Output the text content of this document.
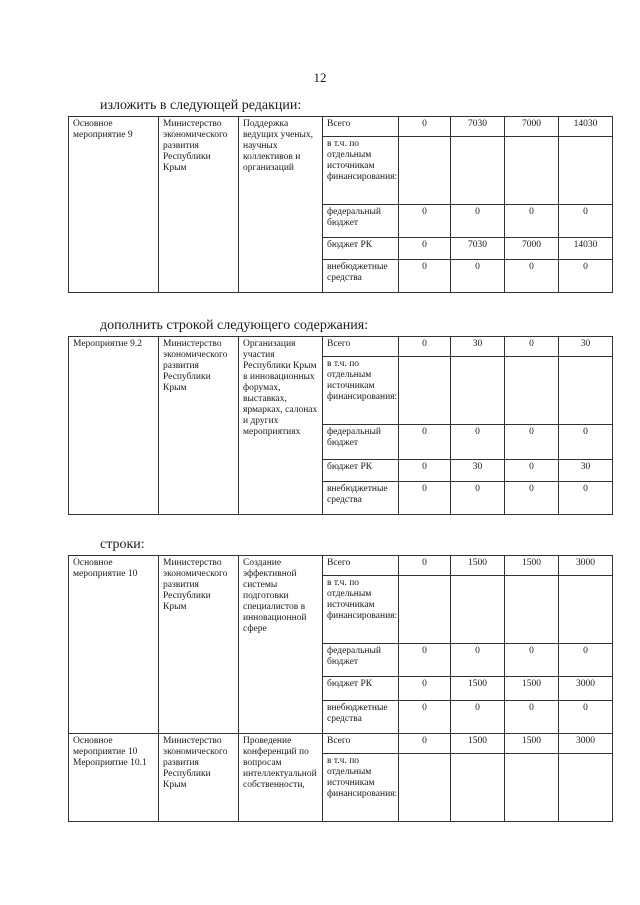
12
изложить в следующей редакции:
Основное мероприятие 9	Министерство экономического развития Республики Крым	Поддержка ведущих ученых, научных коллективов и организаций	Всего	0	7030	7000	14030
			в т.ч. по отдельным источникам финансирования:				
			федеральный бюджет	0	0	0	0
			бюджет РК	0	7030	7000	14030
			внебюджетные средства	0	0	0	0
дополнить строкой следующего содержания:
Мероприятие 9.2	Министерство экономического развития Республики Крым	Организация участия Республики Крым в инновационных форумах, выставках, ярмарках, салонах и других мероприятиях	Всего	0	30	0	30
			в т.ч. по отдельным источникам финансирования:				
			федеральный бюджет	0	0	0	0
			бюджет РК	0	30	0	30
			внебюджетные средства	0	0	0	0
строки:
Основное мероприятие 10	Министерство экономического развития Республики Крым	Создание эффективной системы подготовки специалистов в инновационной сфере	Всего	0	1500	1500	3000
			в т.ч. по отдельным источникам финансирования:				
			федеральный бюджет	0	0	0	0
			бюджет РК	0	1500	1500	3000
			внебюджетные средства	0	0	0	0
Основное мероприятие 10 Мероприятие 10.1	Министерство экономического развития Республики Крым	Проведение конференций по вопросам интеллектуальной собственности,	Всего	0	1500	1500	3000
			в т.ч. по отдельным источникам финансирования:				
